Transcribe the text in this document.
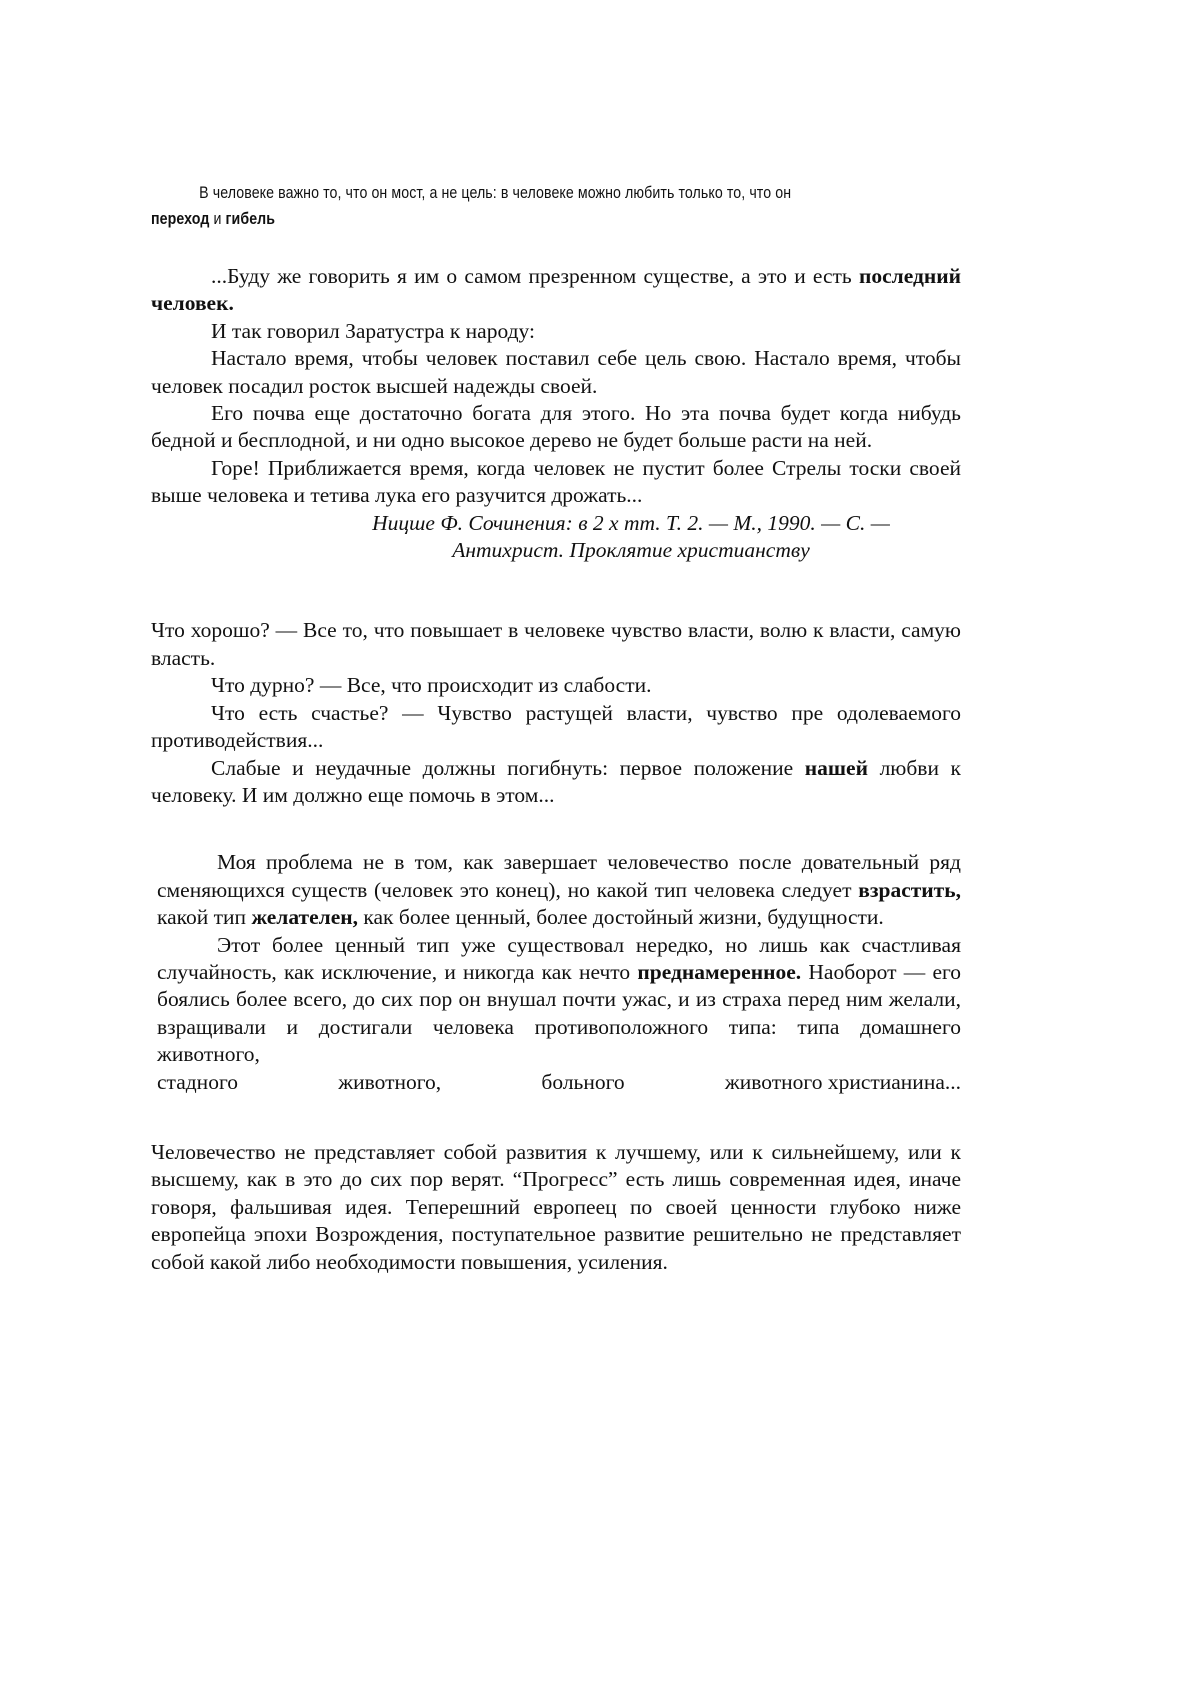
В человеке важно то, что он мост, а не цель: в человеке можно любить только то, что он
переход и гибель

...Буду же говорить я им о самом презренном существе, а это и есть последний человек.

И так говорил Заратустра к народу:

Настало время, чтобы человек поставил себе цель свою. Настало время, чтобы человек посадил росток высшей надежды своей.

Его почва еще достаточно богата для этого. Но эта почва будет когда нибудь бедной и бесплодной, и ни одно высокое дерево не будет больше расти на ней.

Горе! Приближается время, когда человек не пустит более Стрелы тоски своей выше человека и тетива лука его разучится дрожать...

Ницше Ф. Сочинения: в 2 х тт. Т. 2. — М., 1990. — С. —

Антихрист. Проклятие христианству

Что хорошо? — Все то, что повышает в человеке чувство власти, волю к власти, самую власть.

Что дурно? — Все, что происходит из слабости.

Что есть счастье? — Чувство растущей власти, чувство пре одолеваемого противодействия...

Слабые и неудачные должны погибнуть: первое положение нашей любви к человеку. И им должно еще помочь в этом...

Моя проблема не в том, как завершает человечество после довательный ряд сменяющихся существ (человек это конец), но какой тип человека следует взрастить, какой тип желателен, как более ценный, более достойный жизни, будущности.

Этот более ценный тип уже существовал нередко, но лишь как счастливая случайность, как исключение, и никогда как нечто преднамеренное. Наоборот — его боялись более всего, до сих пор он внушал почти ужас, и из страха перед ним желали, взращивали и достигали человека противоположного типа: типа домашнего животного,

стадного	животного,	больного	животного христианина...

Человечество не представляет собой развития к лучшему, или к сильнейшему, или к высшему, как в это до сих пор верят. “Прогресс” есть лишь современная идея, иначе говоря, фальшивая идея. Теперешний европеец по своей ценности глубоко ниже европейца эпохи Возрождения, поступательное развитие решительно не представляет собой какой либо необходимости повышения, усиления.
